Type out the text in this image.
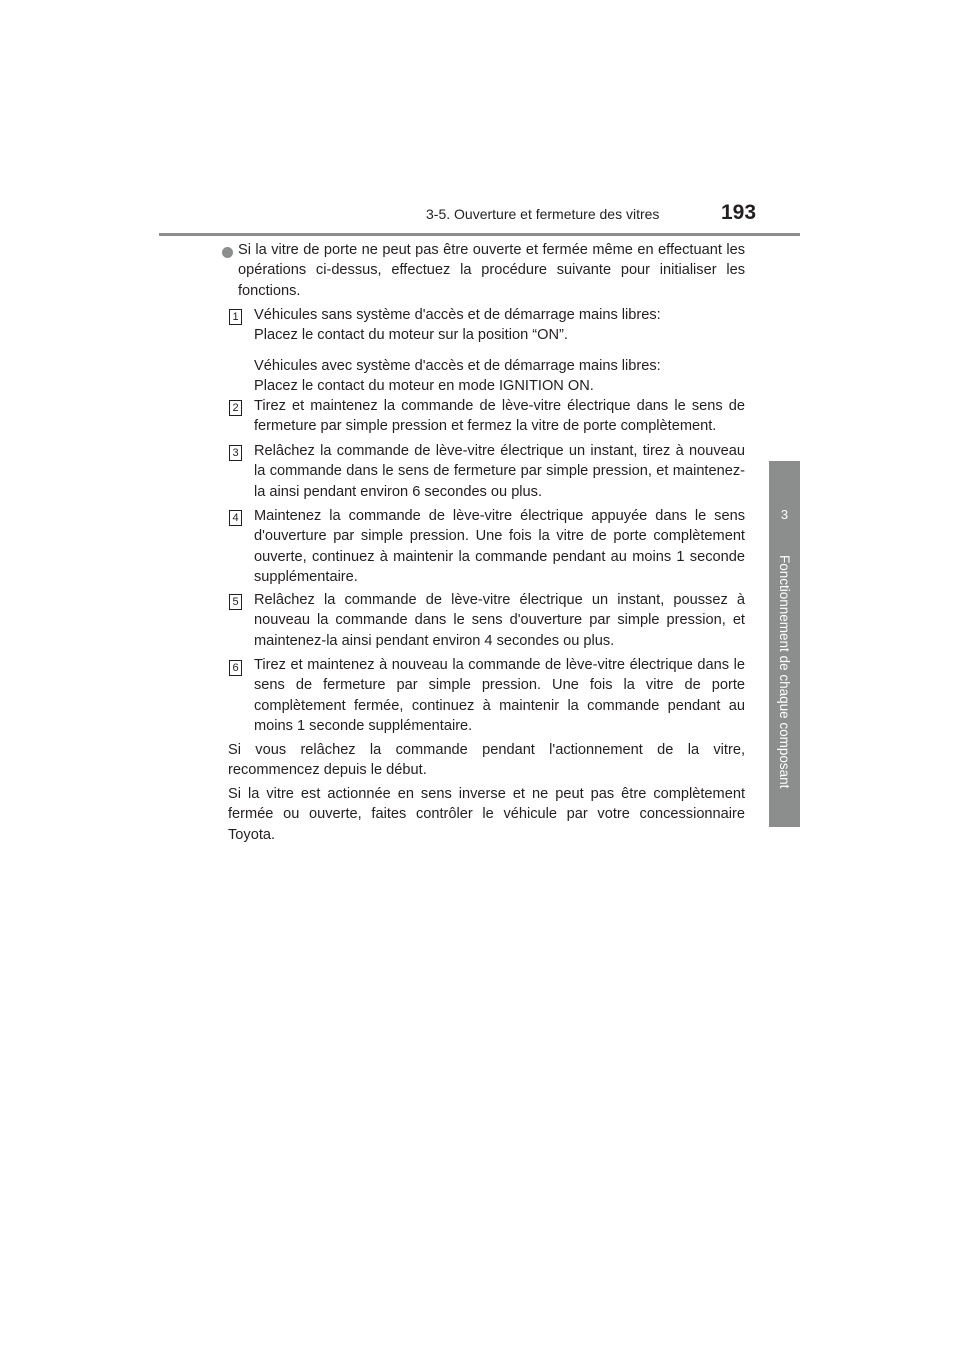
3-5. Ouverture et fermeture des vitres	193
3
Fonctionnement de chaque composant
Si la vitre de porte ne peut pas être ouverte et fermée même en effectuant les opérations ci-dessus, effectuez la procédure suivante pour initialiser les fonctions.
1 Véhicules sans système d'accès et de démarrage mains libres:
Placez le contact du moteur sur la position “ON”.
Véhicules avec système d'accès et de démarrage mains libres:
Placez le contact du moteur en mode IGNITION ON.
2 Tirez et maintenez la commande de lève-vitre électrique dans le sens de fermeture par simple pression et fermez la vitre de porte complètement.
3 Relâchez la commande de lève-vitre électrique un instant, tirez à nouveau la commande dans le sens de fermeture par simple pression, et maintenez-la ainsi pendant environ 6 secondes ou plus.
4 Maintenez la commande de lève-vitre électrique appuyée dans le sens d'ouverture par simple pression. Une fois la vitre de porte complètement ouverte, continuez à maintenir la commande pendant au moins 1 seconde supplémentaire.
5 Relâchez la commande de lève-vitre électrique un instant, poussez à nouveau la commande dans le sens d'ouverture par simple pression, et maintenez-la ainsi pendant environ 4 secondes ou plus.
6 Tirez et maintenez à nouveau la commande de lève-vitre électrique dans le sens de fermeture par simple pression. Une fois la vitre de porte complètement fermée, continuez à maintenir la commande pendant au moins 1 seconde supplémentaire.
Si vous relâchez la commande pendant l'actionnement de la vitre, recommencez depuis le début.
Si la vitre est actionnée en sens inverse et ne peut pas être complètement fermée ou ouverte, faites contrôler le véhicule par votre concessionnaire Toyota.
